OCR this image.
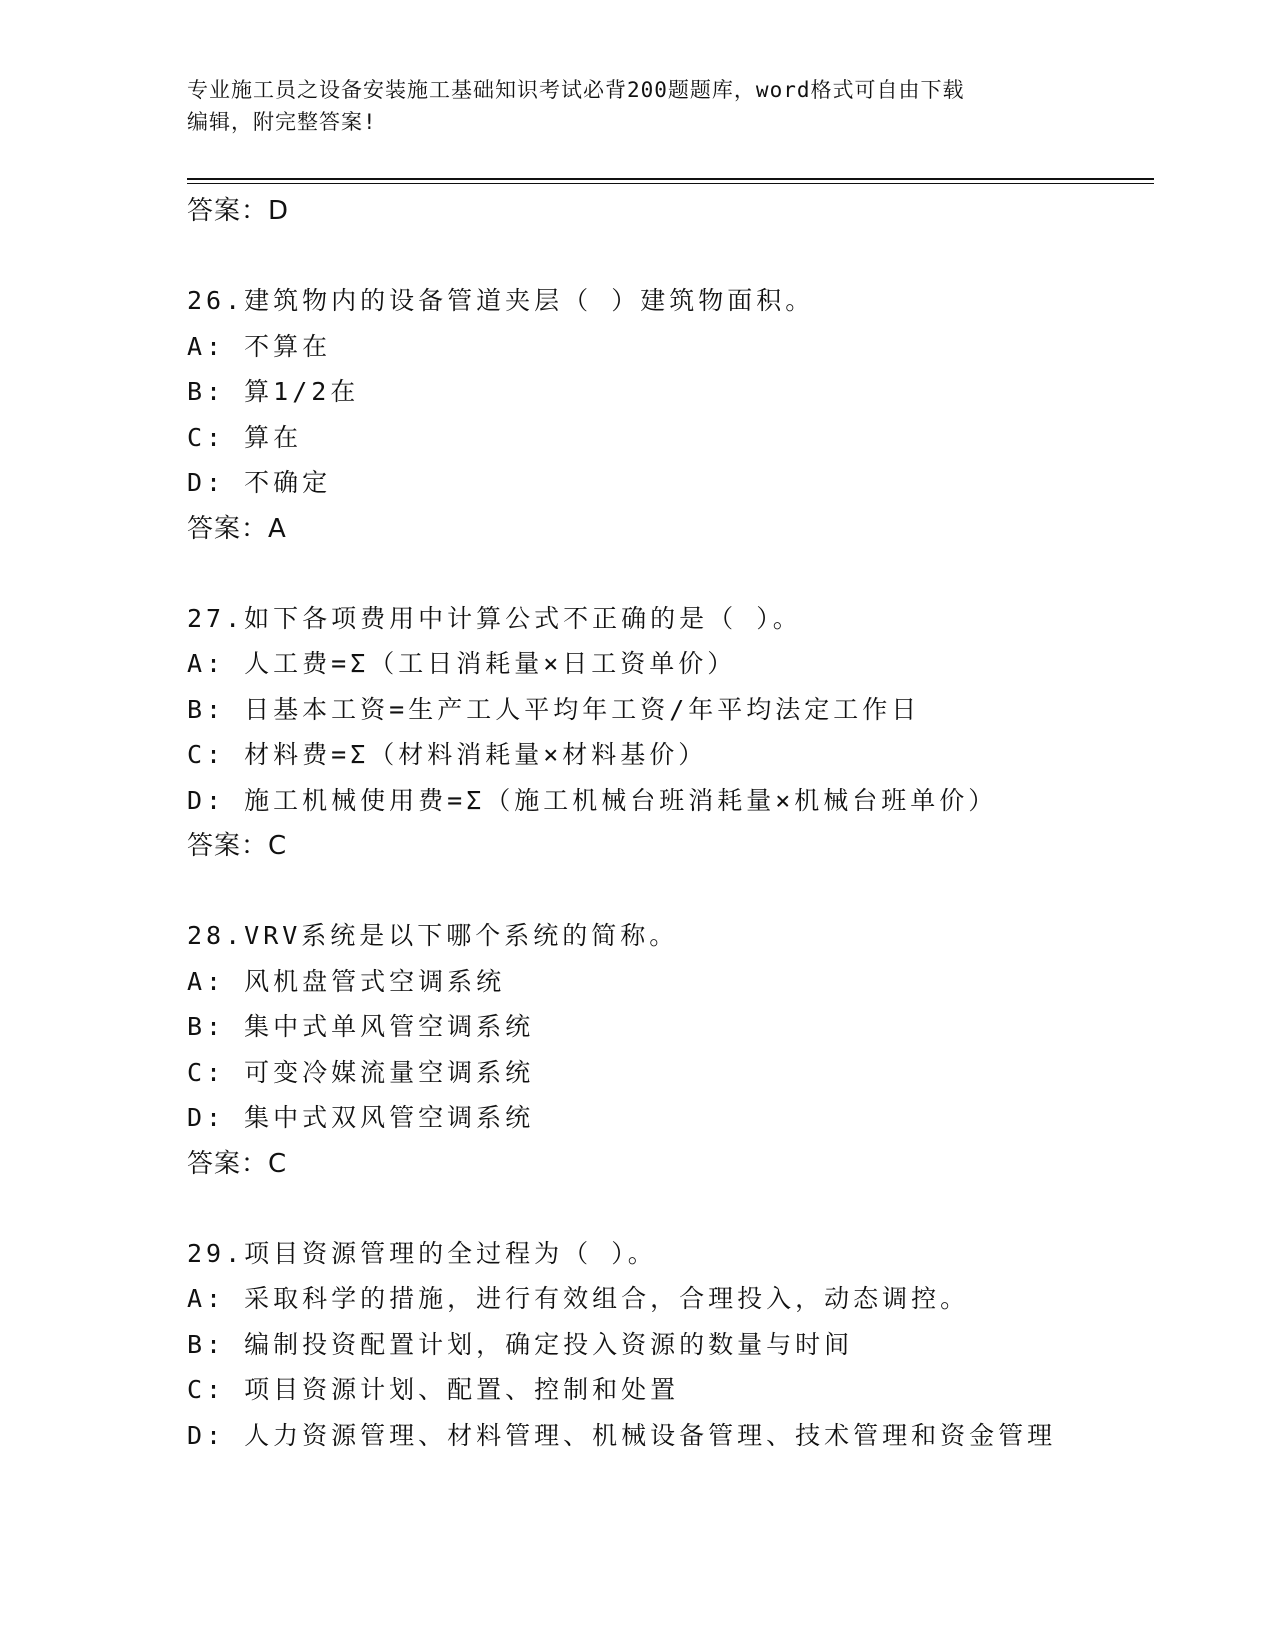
专业施工员之设备安装施工基础知识考试必背200题题库，word格式可自由下载
编辑，附完整答案!
答案：D
26.建筑物内的设备管道夹层（ ）建筑物面积。
A: 不算在
B: 算1/2在
C: 算在
D: 不确定
答案：A
27.如下各项费用中计算公式不正确的是（ ）。
A: 人工费=Σ（工日消耗量×日工资单价）
B: 日基本工资=生产工人平均年工资/年平均法定工作日
C: 材料费=Σ（材料消耗量×材料基价）
D: 施工机械使用费=Σ（施工机械台班消耗量×机械台班单价）
答案：C
28.VRV系统是以下哪个系统的简称。
A: 风机盘管式空调系统
B: 集中式单风管空调系统
C: 可变冷媒流量空调系统
D: 集中式双风管空调系统
答案：C
29.项目资源管理的全过程为（ ）。
A: 采取科学的措施，进行有效组合，合理投入，动态调控。
B: 编制投资配置计划，确定投入资源的数量与时间
C: 项目资源计划、配置、控制和处置
D: 人力资源管理、材料管理、机械设备管理、技术管理和资金管理
